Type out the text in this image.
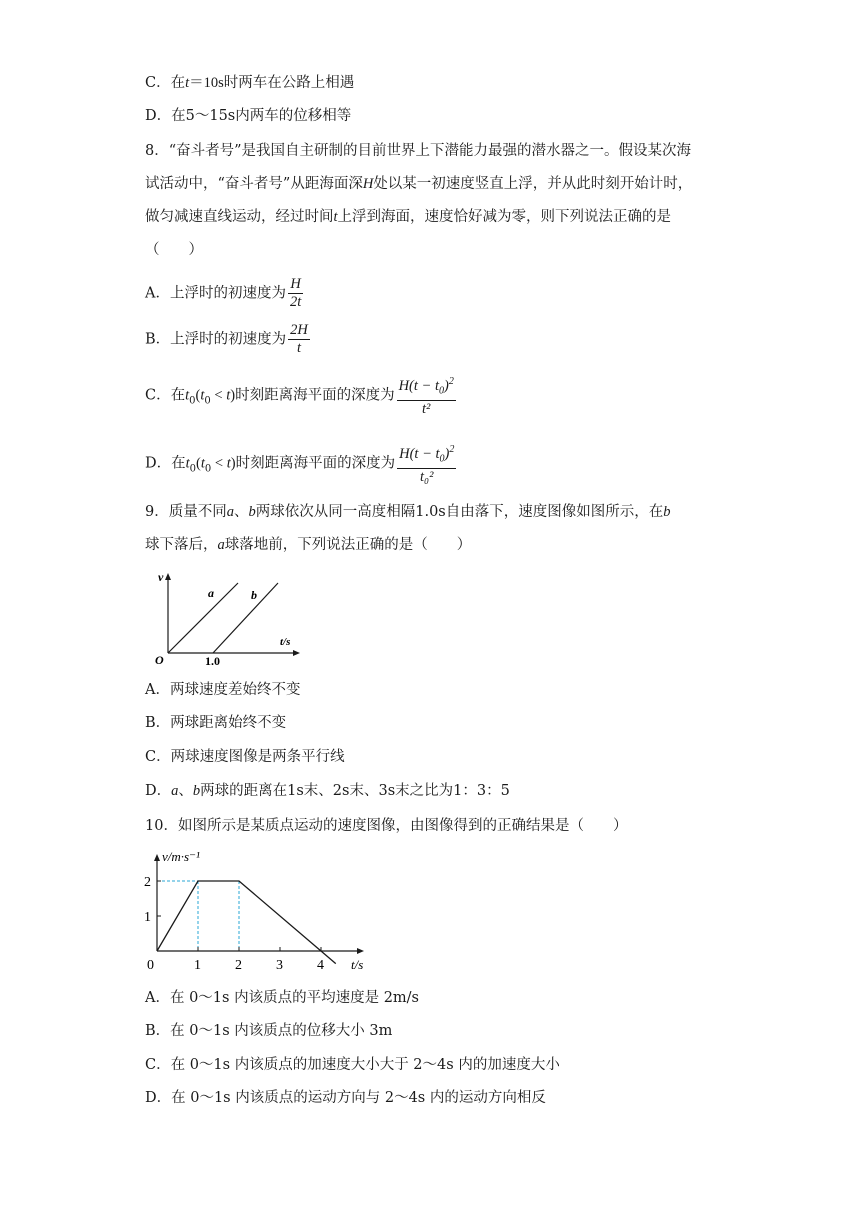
C．在t＝10s时两车在公路上相遇
D．在5～15s内两车的位移相等
8．“奋斗者号”是我国自主研制的目前世界上下潜能力最强的潜水器之一。假设某次海
试活动中，“奋斗者号”从距海面深H处以某一初速度竖直上浮，并从此时刻开始计时，
做匀减速直线运动，经过时间t上浮到海面，速度恰好减为零，则下列说法正确的是
（　　）
A．上浮时的初速度为 $\frac{H}{2t}$
B．上浮时的初速度为 $\frac{2H}{t}$
C．在$t_0(t_0 < t)$时刻距离海平面的深度为 $\frac{H(t - t_0)^2}{\text{t²}}$
D．在$t_0(t_0 < t)$时刻距离海平面的深度为 $\frac{H(t - t_0)^2}{\text{t₀²}}$
9．质量不同a、b两球依次从同一高度相隔1.0s自由落下，速度图像如图所示，在b
球下落后，a球落地前，下列说法正确的是（　　）
v
t/s
O	1.0
a	b
A．两球速度差始终不变
B．两球距离始终不变
C．两球速度图像是两条平行线
D．a、b两球的距离在1s末、2s末、3s末之比为1：3：5
10．如图所示是某质点运动的速度图像，由图像得到的正确结果是（　　）
0	1 2 3 4
1
2
v/m·s⁻¹
t/s
A．在 0～1s 内该质点的平均速度是 2m/s
B．在 0～1s 内该质点的位移大小 3m
C．在 0～1s 内该质点的加速度大小大于 2～4s 内的加速度大小
D．在 0～1s 内该质点的运动方向与 2～4s 内的运动方向相反
